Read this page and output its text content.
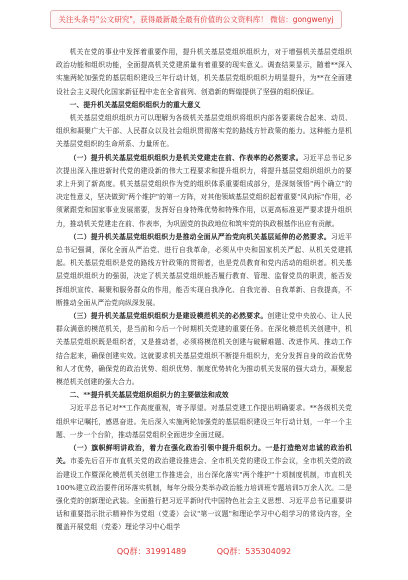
关注头条号"公文研究"，获得最新最全最有价值的公文资料库！ 微信：gongwenyj

机关在党的事业中发挥着重要作用，提升机关基层党组织组织力，对于增强机关基层党组织政治功能和组织功能，全面提高机关党建质量有着重要的现实意义。调查结果显示，随着**深入实施两轮加强党的基层组织建设三年行动计划，机关基层党组织组织力明显提升，为**在全面建设社会主义现代化国家新征程中走在全省前列、创造新的辉煌提供了坚强的组织保证。

一、提升机关基层党组织组织力的重大意义

机关基层党组织组织力可以理解为各级机关基层党组织将组织内部各要素统合起来、动员、组织和凝聚广大干部、人民群众以及社会组织贯彻落实党的路线方针政策的能力。这种能力是机关基层党组织的生命所系、力量所在。

（一）提升机关基层党组织组织力是机关党建走在前、作表率的必然要求。习近平总书记多次提出深入推进新时代党的建设新的伟大工程要求和提升组织力，将提升基层党组织组织力的要求上升到了新高度。机关基层党组织作为党的组织体系重要组成部分，是深刻领悟"两个确立"的决定性意义，坚决做到"两个维护"的第一方阵，对其他领域基层党组织起着重要"风向标"作用，必须紧跟党和国家事业发展需要，发挥好自身特殊优势和特殊作用，以更高标准更严要求提升组织力，推动机关党建走在前、作表率，为巩固党的执政地位和筑牢党的执政根基作出应有贡献。

（二）提升机关基层党组织组织力是推动全面从严治党向机关基层延伸的必然要求。习近平总书记强调，深化全面从严治党、进行自我革命，必须从中央和国家机关严起、从机关党建抓起。机关基层党组织是党的路线方针政策的贯彻者，也是党员教育和党内活动的组织者。机关基层党组织组织力的强弱，决定了机关基层党组织能否履行教育、管理、监督党员的职责，能否发挥组织宣传、凝聚和服务群众的作用，能否实现自我净化、自我完善、自我革新、自我提高，不断推动全面从严治党向纵深发展。

（三）提升机关基层党组织组织力是建设模范机关的必然要求。创建让党中央放心、让人民群众满意的模范机关，是当前和今后一个时期机关党建的重要任务。在深化模范机关创建中，机关基层党组织既是组织者，又是推动者，必须将模范机关创建与破解难题、改进作风、推动工作结合起来，确保创建实效。这就要求机关基层党组织不断提升组织力，充分发挥自身的政治优势和人才优势，确保党的政治优势、组织优势、制度优势转化为推动机关发展的强大动力，凝聚起模范机关创建的强大合力。

二、**提升机关基层党组织组织力的主要做法和成效

习近平总书记对**工作高度重视，寄予厚望。对基层党建工作提出明确要求。**各级机关党组织牢记嘱托，感恩奋进。先后深入实施两轮加强党的基层组织建设三年行动计划，一年一个主题、一步一个台阶，推动基层党组织全面进步全面过硬。

（一）旗帜鲜明讲政治，着力在强化政治引领中提升组织力。一是打造绝对忠诚的政治机关。市委先后召开市直机关党的政治建设推进会、全市机关党的建设工作会议，全市机关党的政治建设工作暨深化模范机关创建工作推进会，出台深化落实"两个维护"十项制度机制，市直机关100%建立政治要件闭环落实机制，每年分级分类举办政治能力培训班专题培训5万余人次。二是强化党的创新理论武装。全面推行把习近平新时代中国特色社会主义思想、习近平总书记重要讲话和重要指示批示精神作为党组（党委）会议"第一议题"和理论学习中心组学习的常设内容，全覆盖开展党组（党委）理论学习中心组学

QQ群：31991489	QQ群：535304092
